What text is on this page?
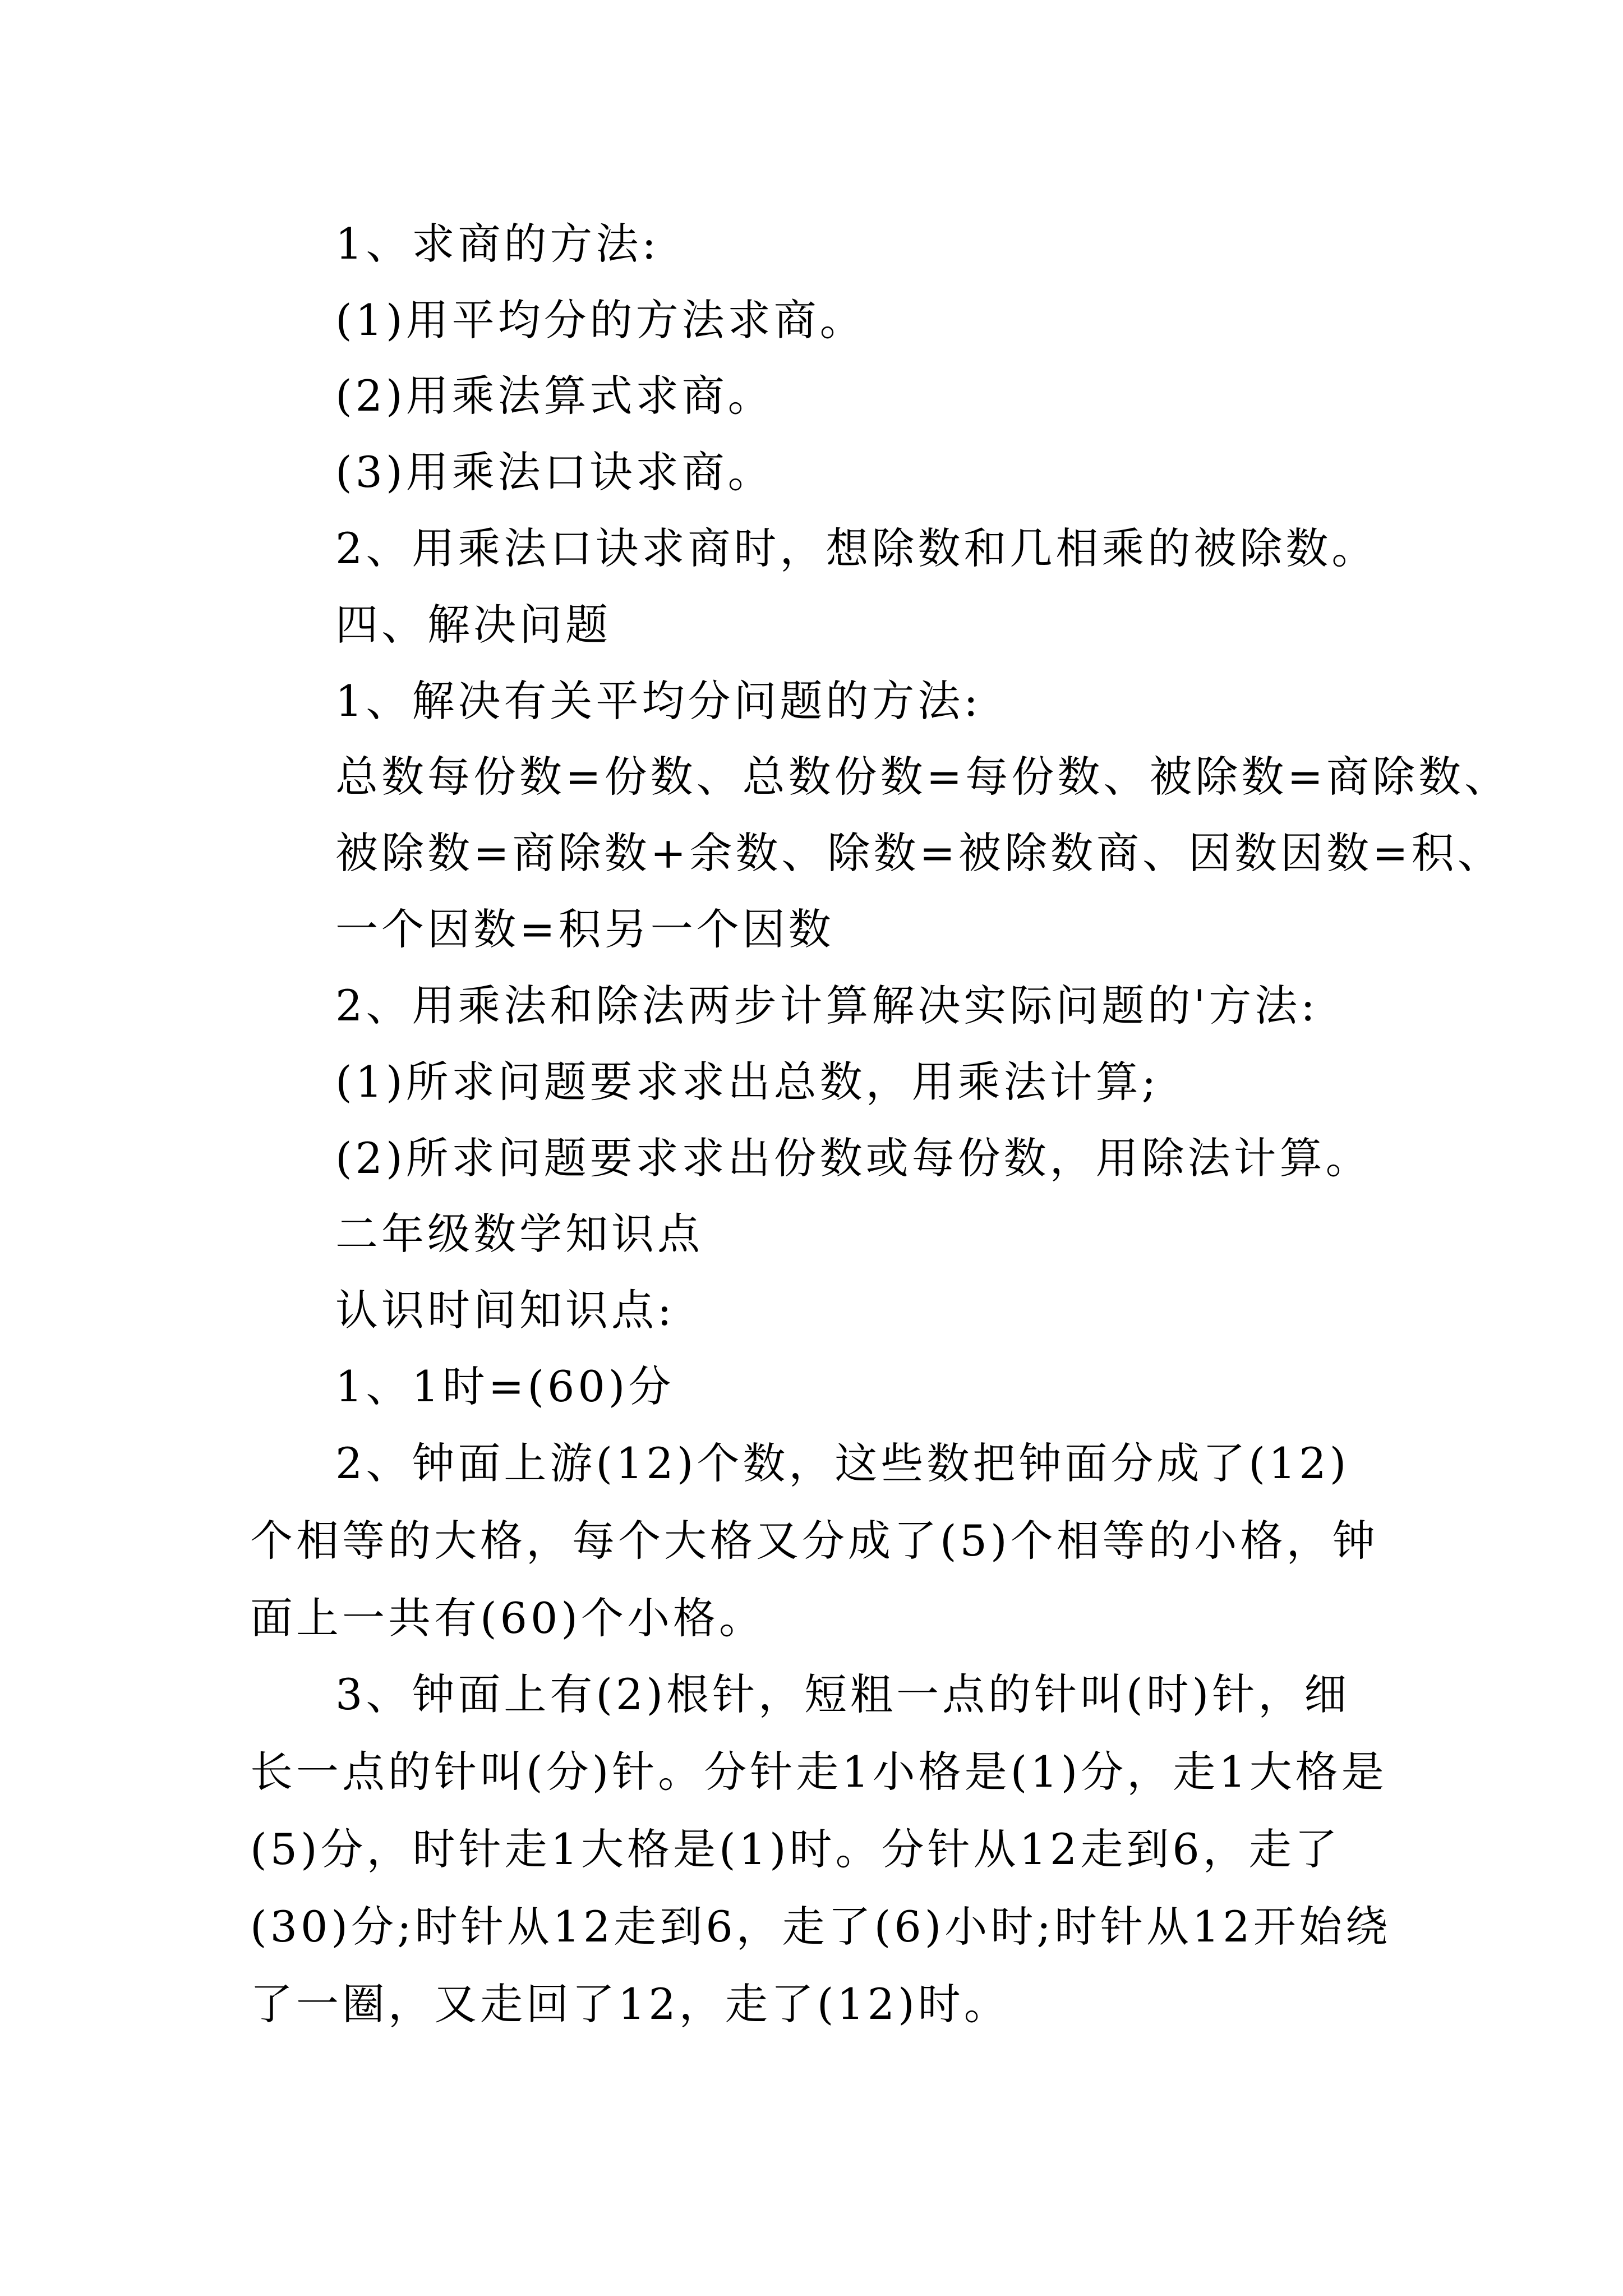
1、求商的方法:
(1)用平均分的方法求商。
(2)用乘法算式求商。
(3)用乘法口诀求商。
2、用乘法口诀求商时，想除数和几相乘的被除数。
四、解决问题
1、解决有关平均分问题的方法:
总数每份数=份数、总数份数=每份数、被除数=商除数、
被除数=商除数+余数、除数=被除数商、因数因数=积、
一个因数=积另一个因数
2、用乘法和除法两步计算解决实际问题的'方法:
(1)所求问题要求求出总数，用乘法计算;
(2)所求问题要求求出份数或每份数，用除法计算。
二年级数学知识点
认识时间知识点:
1、1时=(60)分
2、钟面上游(12)个数，这些数把钟面分成了(12)个相等的大格，每个大格又分成了(5)个相等的小格，钟面上一共有(60)个小格。
3、钟面上有(2)根针，短粗一点的针叫(时)针，细长一点的针叫(分)针。分针走1小格是(1)分，走1大格是(5)分，时针走1大格是(1)时。分针从12走到6，走了(30)分;时针从12走到6，走了(6)小时;时针从12开始绕了一圈，又走回了12，走了(12)时。
